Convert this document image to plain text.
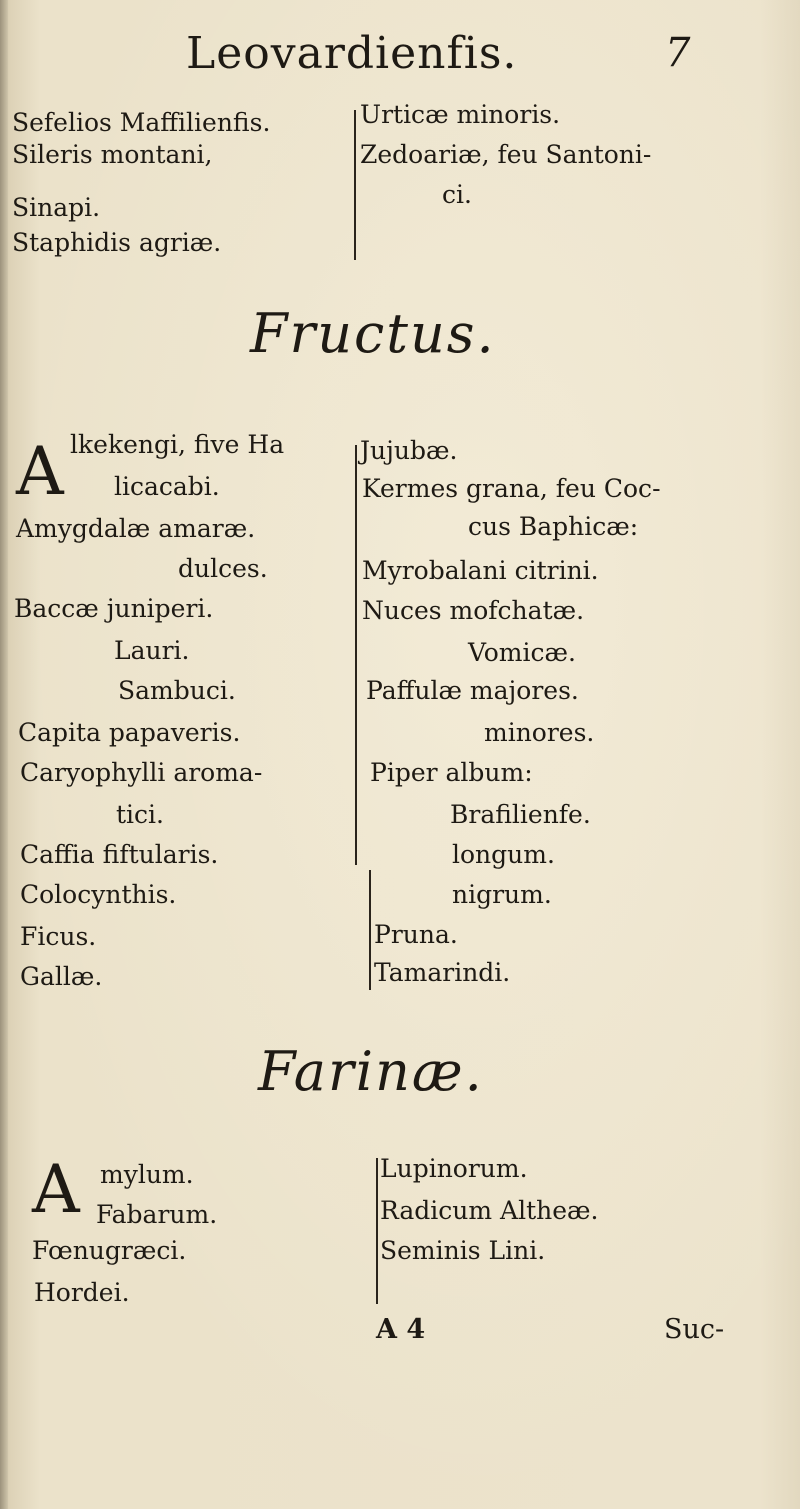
Leovardienfis.	7
Sefelios Maffilienfis.
Sileris montani,
Sinapi.
Staphidis agriæ.
Urticæ minoris.
Zedoariæ, feu Santoni-
ci.
Fructus.
A lkekengi, five Ha
licacabi.
Amygdalæ amaræ.
dulces.
Baccæ juniperi.
Lauri.
Sambuci.
Capita papaveris.
Caryophylli aroma-
tici.
Caffia fiftularis.
Colocynthis.
Ficus.
Gallæ.
Jujubæ.
Kermes grana, feu Coc-
cus Baphicæ:
Myrobalani citrini.
Nuces mofchatæ.
Vomicæ.
Paffulæ majores.
minores.
Piper album:
Brafilienfe.
longum.
nigrum.
Pruna.
Tamarindi.
Farinæ.
A mylum.
Fabarum.
Fœnugræci.
Hordei.
Lupinorum.
Radicum Altheæ.
Seminis Lini.
A 4	Suc-
